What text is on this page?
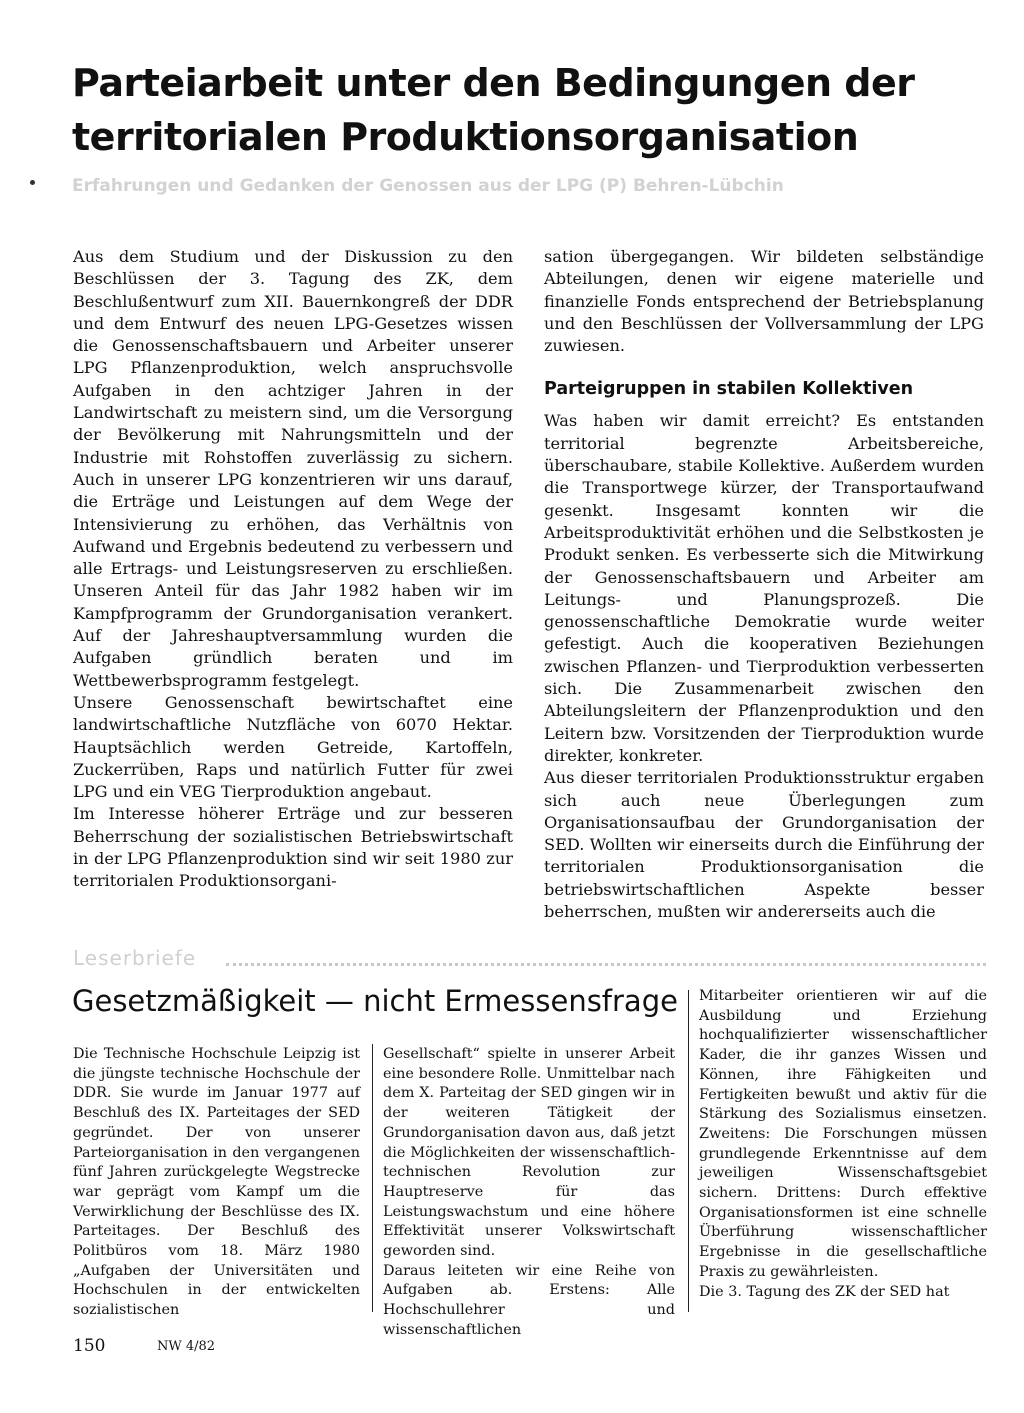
Parteiarbeit unter den Bedingungen der
territorialen Produktionsorganisation
Erfahrungen und Gedanken der Genossen aus der LPG (P) Behren-Lübchin

Aus dem Studium und der Diskussion zu den Beschlüssen der 3. Tagung des ZK, dem Beschlußentwurf zum XII. Bauernkongreß der DDR und dem Entwurf des neuen LPG-Gesetzes wissen die Genossenschaftsbauern und Arbeiter unserer LPG Pflanzenproduktion, welch anspruchsvolle Aufgaben in den achtziger Jahren in der Landwirtschaft zu meistern sind, um die Versorgung der Bevölkerung mit Nahrungsmitteln und der Industrie mit Rohstoffen zuverlässig zu sichern. Auch in unserer LPG konzentrieren wir uns darauf, die Erträge und Leistungen auf dem Wege der Intensivierung zu erhöhen, das Verhältnis von Aufwand und Ergebnis bedeutend zu verbessern und alle Ertrags- und Leistungsreserven zu erschließen. Unseren Anteil für das Jahr 1982 haben wir im Kampfprogramm der Grundorganisation verankert. Auf der Jahreshauptversammlung wurden die Aufgaben gründlich beraten und im Wettbewerbsprogramm festgelegt.

Unsere Genossenschaft bewirtschaftet eine landwirtschaftliche Nutzfläche von 6070 Hektar. Hauptsächlich werden Getreide, Kartoffeln, Zuckerrüben, Raps und natürlich Futter für zwei LPG und ein VEG Tierproduktion angebaut.

Im Interesse höherer Erträge und zur besseren Beherrschung der sozialistischen Betriebswirtschaft in der LPG Pflanzenproduktion sind wir seit 1980 zur territorialen Produktionsorgani-

sation übergegangen. Wir bildeten selbständige Abteilungen, denen wir eigene materielle und finanzielle Fonds entsprechend der Betriebsplanung und den Beschlüssen der Vollversammlung der LPG zuwiesen.

Parteigruppen in stabilen Kollektiven

Was haben wir damit erreicht? Es entstanden territorial begrenzte Arbeitsbereiche, überschaubare, stabile Kollektive. Außerdem wurden die Transportwege kürzer, der Transportaufwand gesenkt. Insgesamt konnten wir die Arbeitsproduktivität erhöhen und die Selbstkosten je Produkt senken. Es verbesserte sich die Mitwirkung der Genossenschaftsbauern und Arbeiter am Leitungs- und Planungsprozeß. Die genossenschaftliche Demokratie wurde weiter gefestigt. Auch die kooperativen Beziehungen zwischen Pflanzen- und Tierproduktion verbesserten sich. Die Zusammenarbeit zwischen den Abteilungsleitern der Pflanzenproduktion und den Leitern bzw. Vorsitzenden der Tierproduktion wurde direkter, konkreter.

Aus dieser territorialen Produktionsstruktur ergaben sich auch neue Überlegungen zum Organisationsaufbau der Grundorganisation der SED. Wollten wir einerseits durch die Einführung der territorialen Produktionsorganisation die betriebswirtschaftlichen Aspekte besser beherrschen, mußten wir andererseits auch die

Leserbriefe
Gesetzmäßigkeit — nicht Ermessensfrage

Die Technische Hochschule Leipzig ist die jüngste technische Hochschule der DDR. Sie wurde im Januar 1977 auf Beschluß des IX. Parteitages der SED gegründet. Der von unserer Parteiorganisation in den vergangenen fünf Jahren zurückgelegte Wegstrecke war geprägt vom Kampf um die Verwirklichung der Beschlüsse des IX. Parteitages. Der Beschluß des Politbüros vom 18. März 1980 „Aufgaben der Universitäten und Hochschulen in der entwickelten sozialistischen

Gesellschaft“ spielte in unserer Arbeit eine besondere Rolle. Unmittelbar nach dem X. Parteitag der SED gingen wir in der weiteren Tätigkeit der Grundorganisation davon aus, daß jetzt die Möglichkeiten der wissenschaftlich-technischen Revolution zur Hauptreserve für das Leistungswachstum und eine höhere Effektivität unserer Volkswirtschaft geworden sind.

Daraus leiteten wir eine Reihe von Aufgaben ab. Erstens: Alle Hochschullehrer und wissenschaftlichen

Mitarbeiter orientieren wir auf die Ausbildung und Erziehung hochqualifizierter wissenschaftlicher Kader, die ihr ganzes Wissen und Können, ihre Fähigkeiten und Fertigkeiten bewußt und aktiv für die Stärkung des Sozialismus einsetzen. Zweitens: Die Forschungen müssen grundlegende Erkenntnisse auf dem jeweiligen Wissenschaftsgebiet sichern. Drittens: Durch effektive Organisationsformen ist eine schnelle Überführung wissenschaftlicher Ergebnisse in die gesellschaftliche Praxis zu gewährleisten.

Die 3. Tagung des ZK der SED hat

150	NW 4/82
